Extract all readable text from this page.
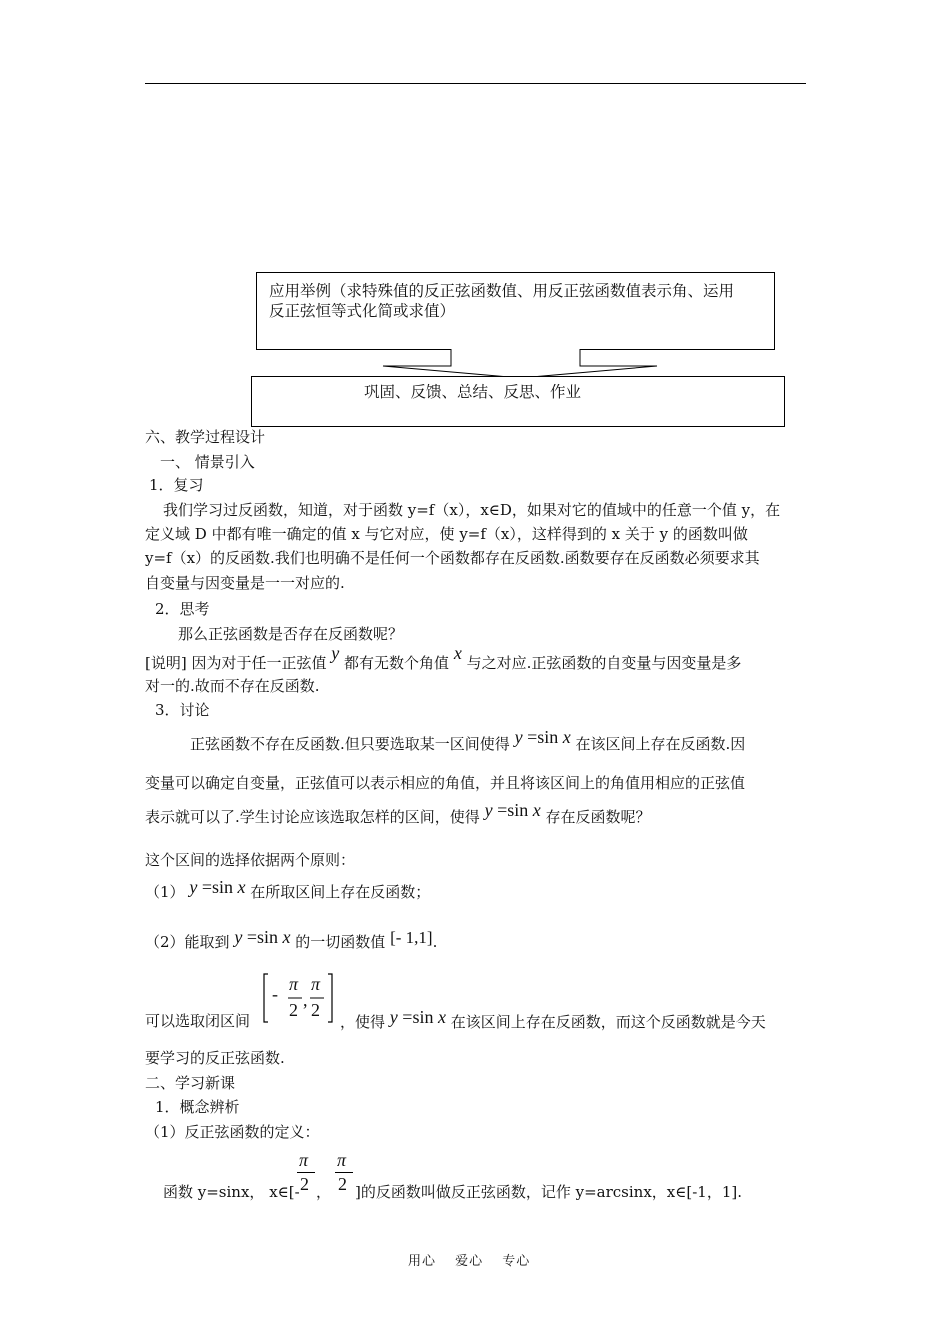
应用举例（求特殊值的反正弦函数值、用反正弦函数值表示角、运用
反正弦恒等式化简或求值）
巩固、反馈、总结、反思、作业
六、教学过程设计
一、 情景引入
1．复习
我们学习过反函数，知道，对于函数 y=f（x），x∈D，如果对它的值域中的任意一个值 y，在
定义域 D 中都有唯一确定的值 x 与它对应，使 y=f（x），这样得到的 x 关于 y 的函数叫做
y=f（x）的反函数.我们也明确不是任何一个函数都存在反函数.函数要存在反函数必须要求其
自变量与因变量是一一对应的.
2．思考
那么正弦函数是否存在反函数呢？
[说明] 因为对于任一正弦值 y 都有无数个角值 x 与之对应.正弦函数的自变量与因变量是多
对一的.故而不存在反函数.
3．讨论
正弦函数不存在反函数.但只要选取某一区间使得 y =sin x 在该区间上存在反函数.因
变量可以确定自变量，正弦值可以表示相应的角值，并且将该区间上的角值用相应的正弦值
表示就可以了.学生讨论应该选取怎样的区间，使得 y =sin x 存在反函数呢？
这个区间的选择依据两个原则：
（1） y =sin x 在所取区间上存在反函数；
（2）能取到 y =sin x 的一切函数值 [- 1,1].
可以选取闭区间
- π
2 ,
π
2
，使得 y =sin x 在该区间上存在反函数，而这个反函数就是今天
要学习的反正弦函数.
二、学习新课
1．概念辨析
（1）反正弦函数的定义：
函数 y=sinx， x∈[-
π
2 ，
π
2 ]的反函数叫做反正弦函数，记作 y=arcsinx，x∈[-1，1].
用心　 爱心　 专心
